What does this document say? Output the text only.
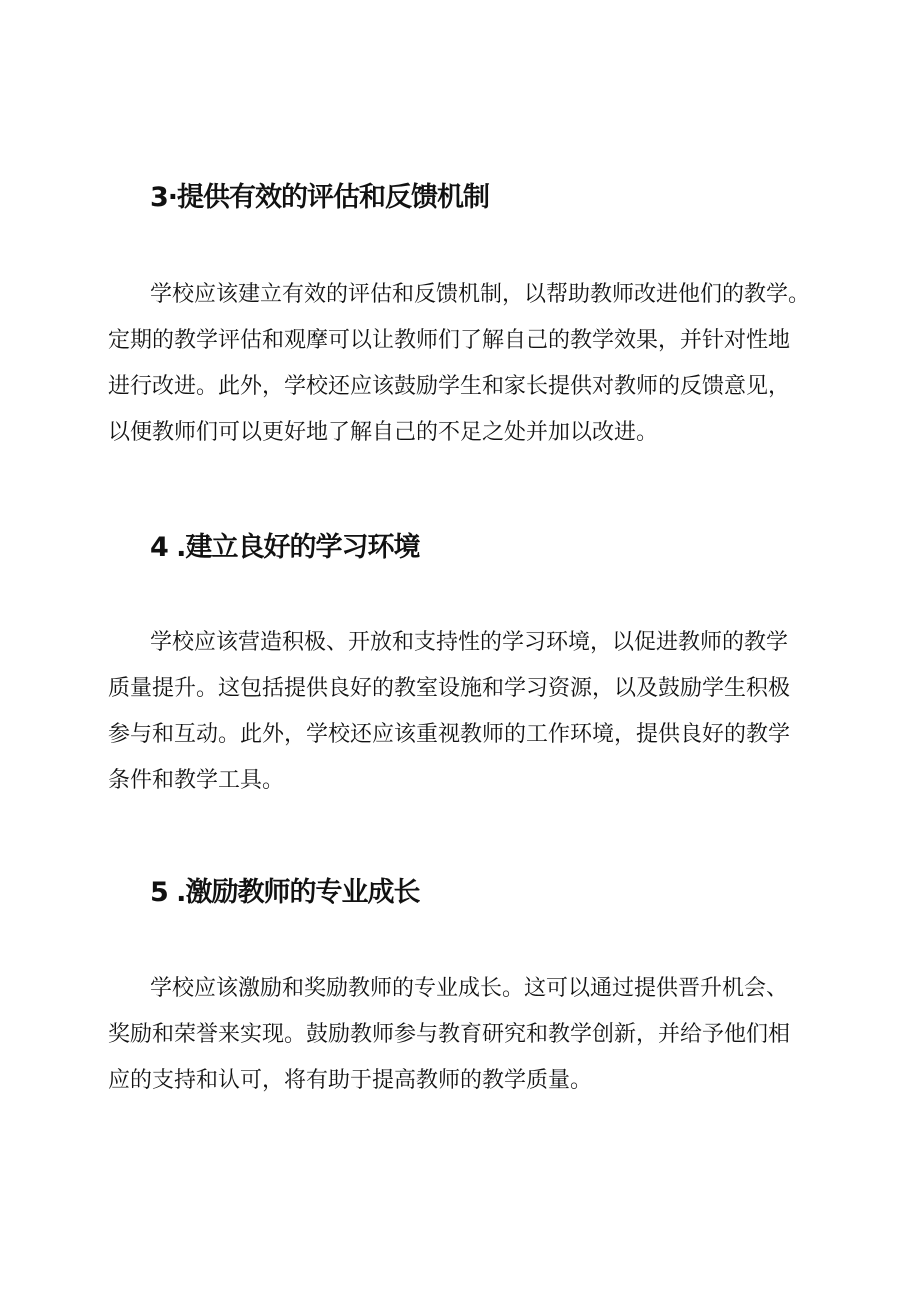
3·提供有效的评估和反馈机制
学校应该建立有效的评估和反馈机制，以帮助教师改进他们的教学。
定期的教学评估和观摩可以让教师们了解自己的教学效果，并针对性地
进行改进。此外，学校还应该鼓励学生和家长提供对教师的反馈意见，
以便教师们可以更好地了解自己的不足之处并加以改进。
4 .建立良好的学习环境
学校应该营造积极、开放和支持性的学习环境，以促进教师的教学
质量提升。这包括提供良好的教室设施和学习资源，以及鼓励学生积极
参与和互动。此外，学校还应该重视教师的工作环境，提供良好的教学
条件和教学工具。
5 .激励教师的专业成长
学校应该激励和奖励教师的专业成长。这可以通过提供晋升机会、
奖励和荣誉来实现。鼓励教师参与教育研究和教学创新，并给予他们相
应的支持和认可，将有助于提高教师的教学质量。
